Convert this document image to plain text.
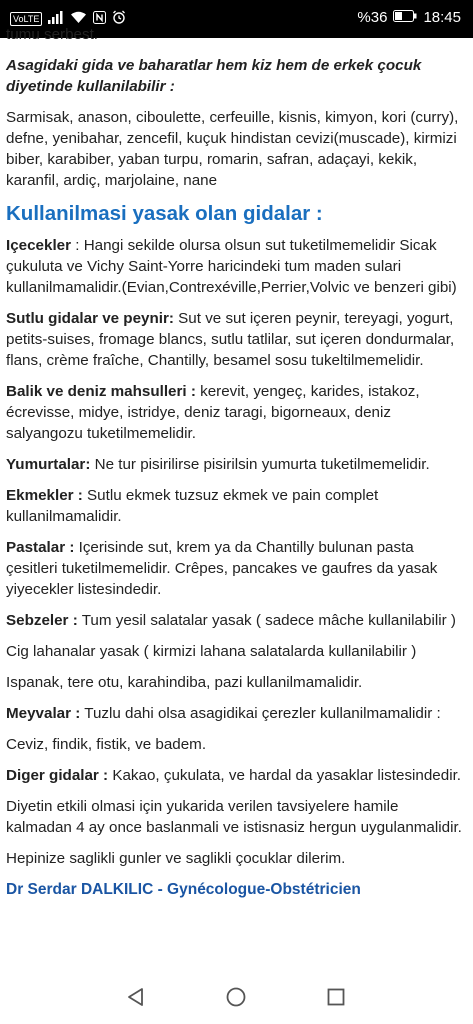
VoLTE	%36 18:45

tumu serbest.

Asagidaki gida ve baharatlar hem kiz hem de erkek çocuk diyetinde kullanilabilir :

Sarmisak, anason, ciboulette, cerfeuille, kisnis, kimyon, kori (curry), defne, yenibahar, zencefil, kuçuk hindistan cevizi(muscade), kirmizi biber, karabiber, yaban turpu, romarin, safran, adaçayi, kekik, karanfil, ardiç, marjolaine, nane

Kullanilmasi yasak olan gidalar :

Içecekler : Hangi sekilde olursa olsun sut tuketilmemelidir Sicak çukuluta ve Vichy Saint-Yorre haricindeki tum maden sulari kullanilmamalidir.(Evian,Contrexéville,Perrier,Volvic ve benzeri gibi)

Sutlu gidalar ve peynir: Sut ve sut içeren peynir, tereyagi, yogurt, petits-suises, fromage blancs, sutlu tatlilar, sut içeren dondurmalar, flans, crème fraîche, Chantilly, besamel sosu tukeltilmemelidir.

Balik ve deniz mahsulleri : kerevit, yengeç, karides, istakoz, écrevisse, midye, istridye, deniz taragi, bigorneaux, deniz salyangozu tuketilmemelidir.

Yumurtalar: Ne tur pisirilirse pisirilsin yumurta tuketilmemelidir.

Ekmekler : Sutlu ekmek tuzsuz ekmek ve pain complet kullanilmamalidir.

Pastalar : Içerisinde sut, krem ya da Chantilly bulunan pasta çesitleri tuketilmemelidir. Crêpes, pancakes ve gaufres da yasak yiyecekler listesindedir.

Sebzeler : Tum yesil salatalar yasak ( sadece mâche kullanilabilir )

Cig lahanalar yasak ( kirmizi lahana salatalarda kullanilabilir )

Ispanak, tere otu, karahindiba, pazi kullanilmamalidir.

Meyvalar : Tuzlu dahi olsa asagidikai çerezler kullanilmamalidir :

Ceviz, findik, fistik, ve badem.

Diger gidalar : Kakao, çukulata, ve hardal da yasaklar listesindedir.

Diyetin etkili olmasi için yukarida verilen tavsiyelere hamile kalmadan 4 ay once baslanmali ve istisnasiz hergun uygulanmalidir.

Hepinize saglikli gunler ve saglikli çocuklar dilerim.

Dr Serdar DALKILIC - Gynécologue-Obstétricien
